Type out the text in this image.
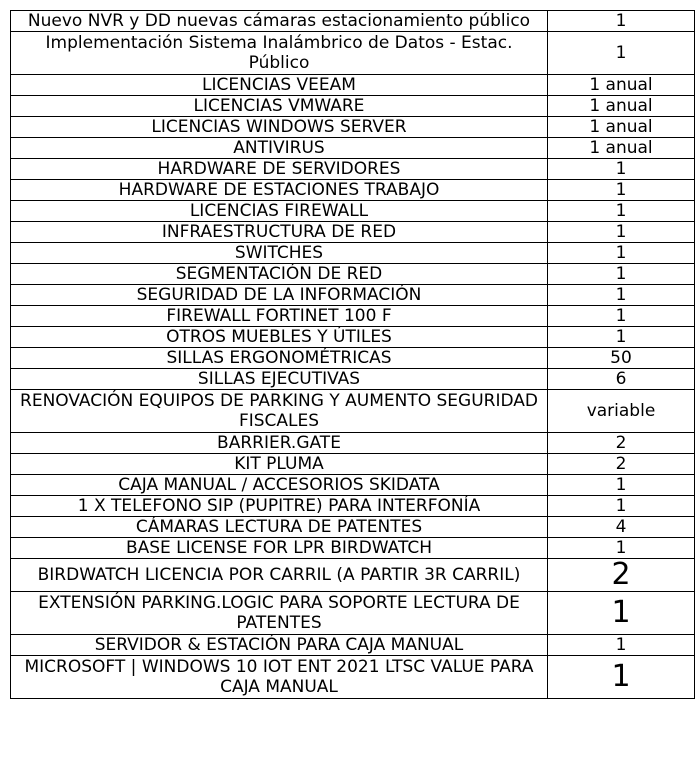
Nuevo NVR y DD nuevas cámaras estacionamiento público	1
Implementación Sistema Inalámbrico de Datos - Estac. Público	1
LICENCIAS VEEAM	1 anual
LICENCIAS VMWARE	1 anual
LICENCIAS WINDOWS SERVER	1 anual
ANTIVIRUS	1 anual
HARDWARE DE SERVIDORES	1
HARDWARE DE ESTACIONES TRABAJO	1
LICENCIAS FIREWALL	1
INFRAESTRUCTURA DE RED	1
SWITCHES	1
SEGMENTACIÓN DE RED	1
SEGURIDAD DE LA INFORMACIÓN	1
FIREWALL FORTINET 100 F	1
OTROS MUEBLES Y ÚTILES	1
SILLAS ERGONOMÉTRICAS	50
SILLAS EJECUTIVAS	6
RENOVACIÓN EQUIPOS DE PARKING Y AUMENTO SEGURIDAD FISCALES	variable
BARRIER.GATE	2
KIT PLUMA	2
CAJA MANUAL / ACCESORIOS SKIDATA	1
1 X TELEFONO SIP (PUPITRE) PARA INTERFONÍA	1
CÁMARAS LECTURA DE PATENTES	4
BASE LICENSE FOR LPR BIRDWATCH	1
BIRDWATCH LICENCIA POR CARRIL (A PARTIR 3R CARRIL)	2
EXTENSIÓN PARKING.LOGIC PARA SOPORTE LECTURA DE PATENTES	1
SERVIDOR & ESTACIÓN PARA CAJA MANUAL	1
MICROSOFT | WINDOWS 10 IOT ENT 2021 LTSC VALUE PARA CAJA MANUAL	1
